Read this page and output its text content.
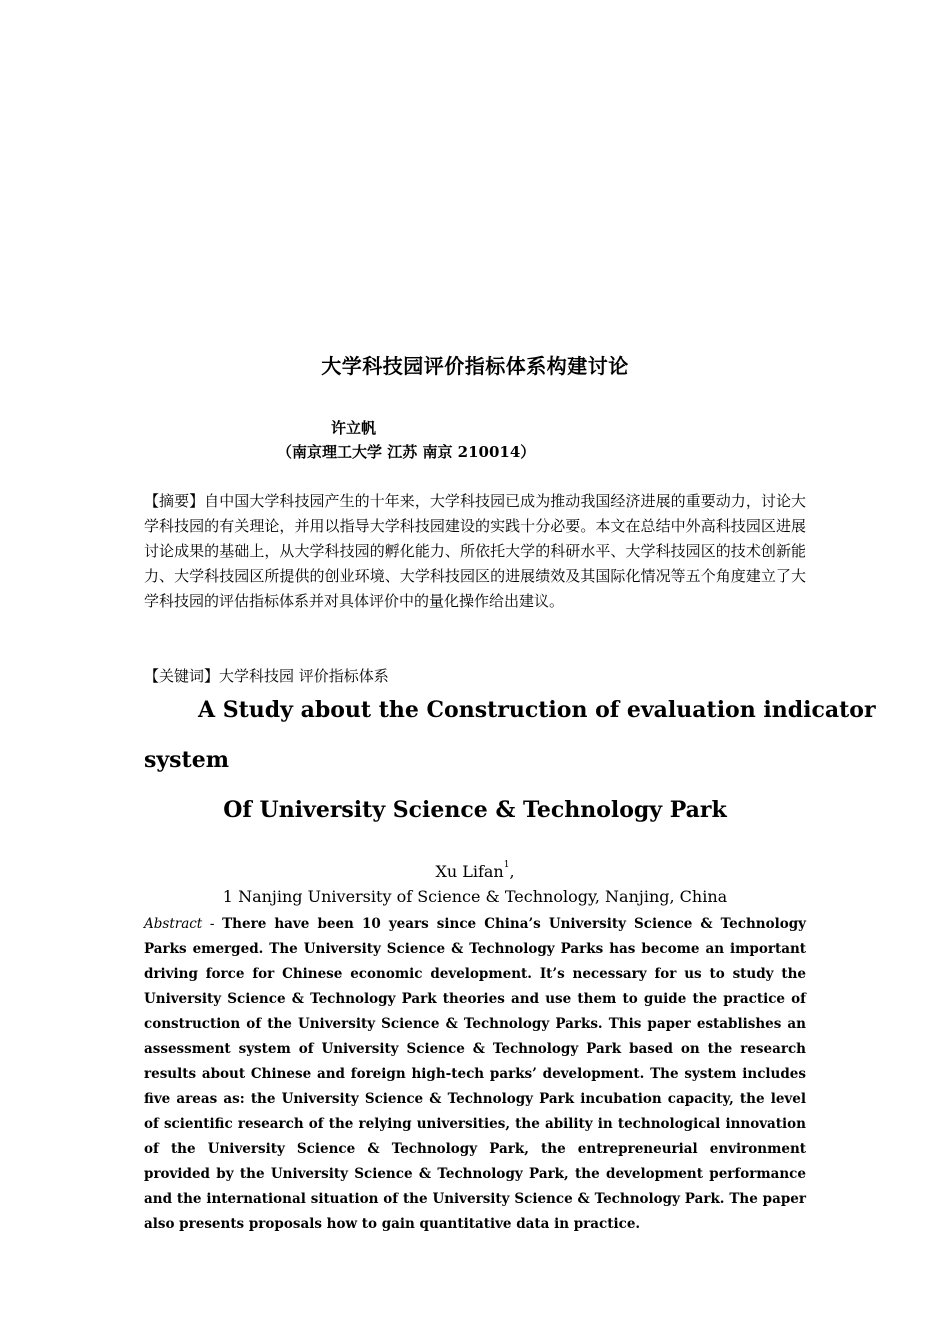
大学科技园评价指标体系构建讨论
许立帆
（南京理工大学 江苏 南京 210014）
【摘要】自中国大学科技园产生的十年来，大学科技园已成为推动我国经济进展的重要动力，讨论大学科技园的有关理论，并用以指导大学科技园建设的实践十分必要。本文在总结中外高科技园区进展讨论成果的基础上，从大学科技园的孵化能力、所依托大学的科研水平、大学科技园区的技术创新能力、大学科技园区所提供的创业环境、大学科技园区的进展绩效及其国际化情况等五个角度建立了大学科技园的评估指标体系并对具体评价中的量化操作给出建议。
【关键词】大学科技园 评价指标体系
A Study about the Construction of evaluation indicator
system
Of University Science & Technology Park
Xu Lifan$^1$,
1 Nanjing University of Science & Technology, Nanjing, China
Abstract - There have been 10 years since China’s University Science & Technology Parks emerged. The University Science & Technology Parks has become an important driving force for Chinese economic development. It’s necessary for us to study the University Science & Technology Park theories and use them to guide the practice of construction of the University Science & Technology Parks. This paper establishes an assessment system of University Science & Technology Park based on the research results about Chinese and foreign high-tech parks’ development. The system includes five areas as: the University Science & Technology Park incubation capacity, the level of scientific research of the relying universities, the ability in technological innovation of the University Science & Technology Park, the entrepreneurial environment provided by the University Science & Technology Park, the development performance and the international situation of the University Science & Technology Park. The paper also presents proposals how to gain quantitative data in practice.
